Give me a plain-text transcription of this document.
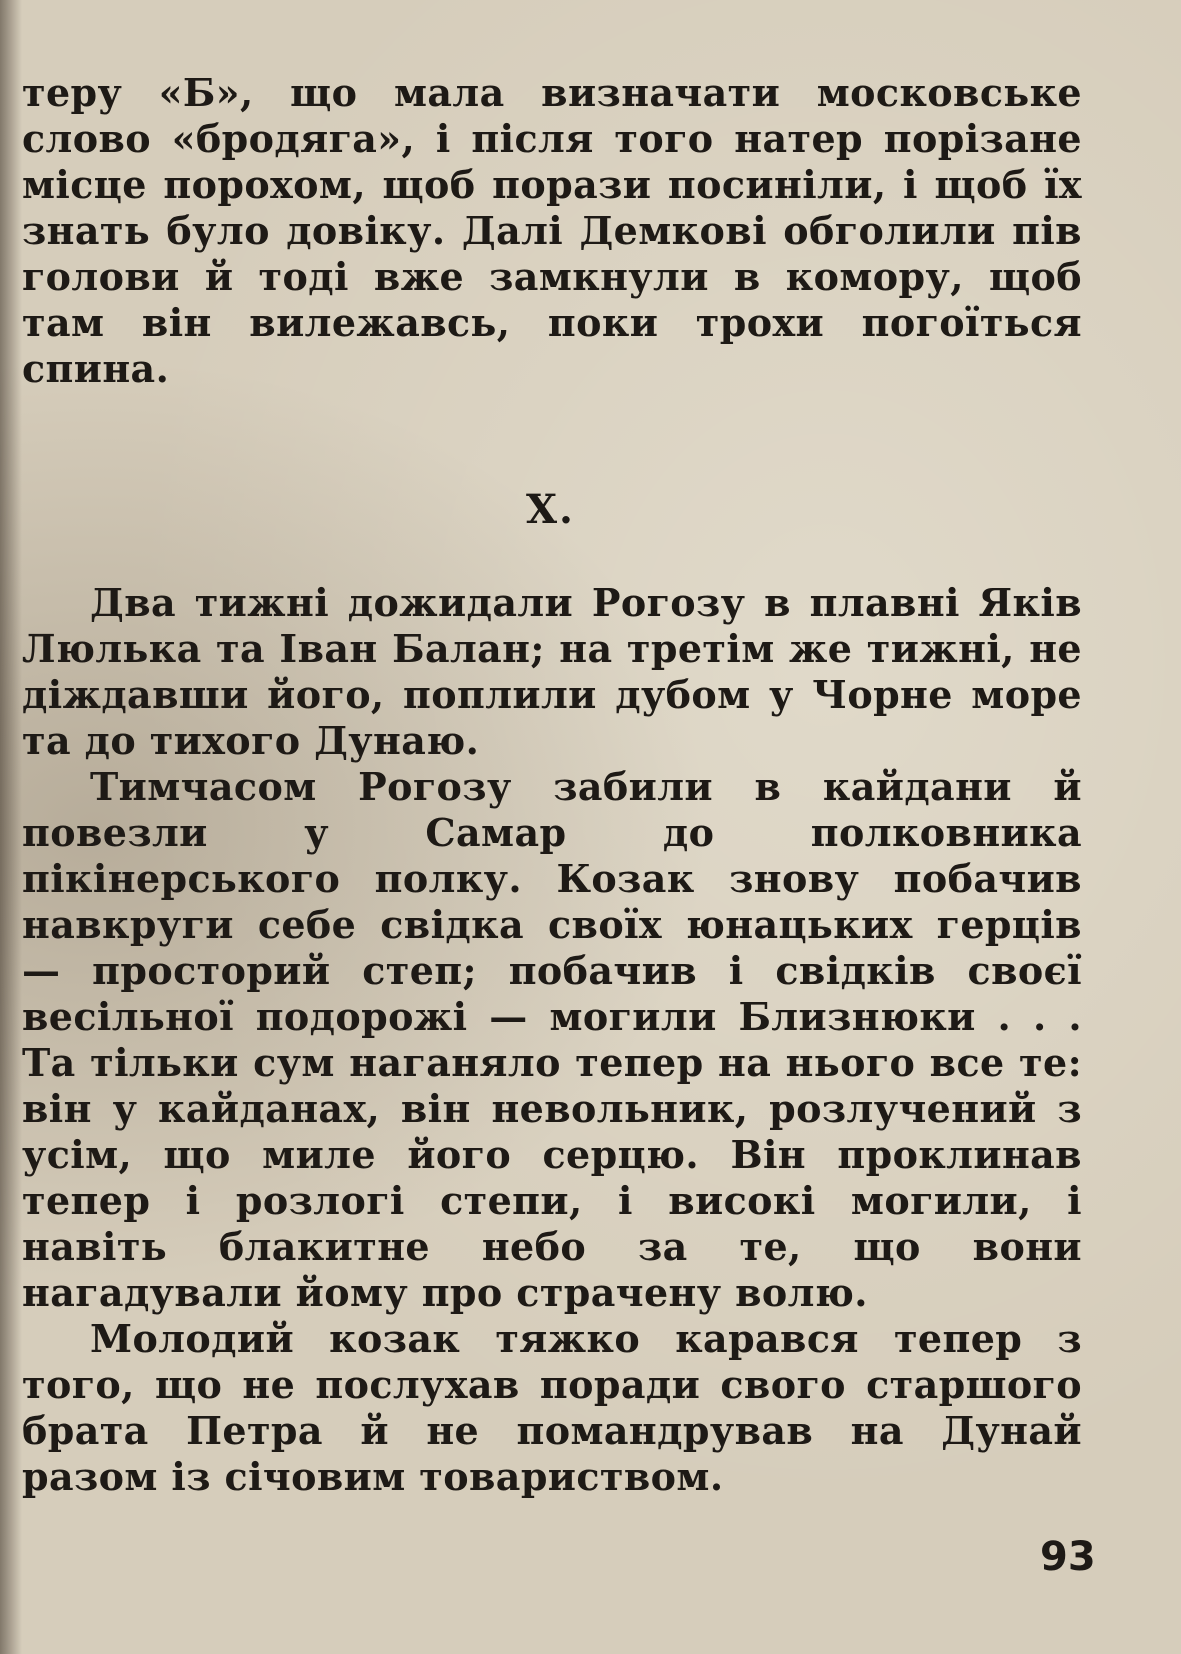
теру «Б», що мала визначати московське слово «бродяга», і після того натер порізане місце порохом, щоб порази посиніли, і щоб їх знать було довіку. Далі Демкові обголили пів голови й тоді вже замкнули в комору, щоб там він вилежавсь, поки трохи погоїться спина.

X.

Два тижні дожидали Рогозу в плавні Яків Люлька та Іван Балан; на третім же тижні, не діждавши його, поплили дубом у Чорне море та до тихого Дунаю.

Тимчасом Рогозу забили в кайдани й повезли у Самар до полковника пікінерського полку. Козак знову побачив навкруги себе свідка своїх юнацьких герців — просторий степ; побачив і свідків своєї весільної подорожі — могили Близнюки . . . Та тільки сум наганяло тепер на нього все те: він у кайданах, він невольник, розлучений з усім, що миле його серцю. Він проклинав тепер і розлогі степи, і високі могили, і навіть блакитне небо за те, що вони нагадували йому про страчену волю.

Молодий козак тяжко карався тепер з того, що не послухав поради свого старшого брата Петра й не помандрував на Дунай разом із січовим товариством.

93
